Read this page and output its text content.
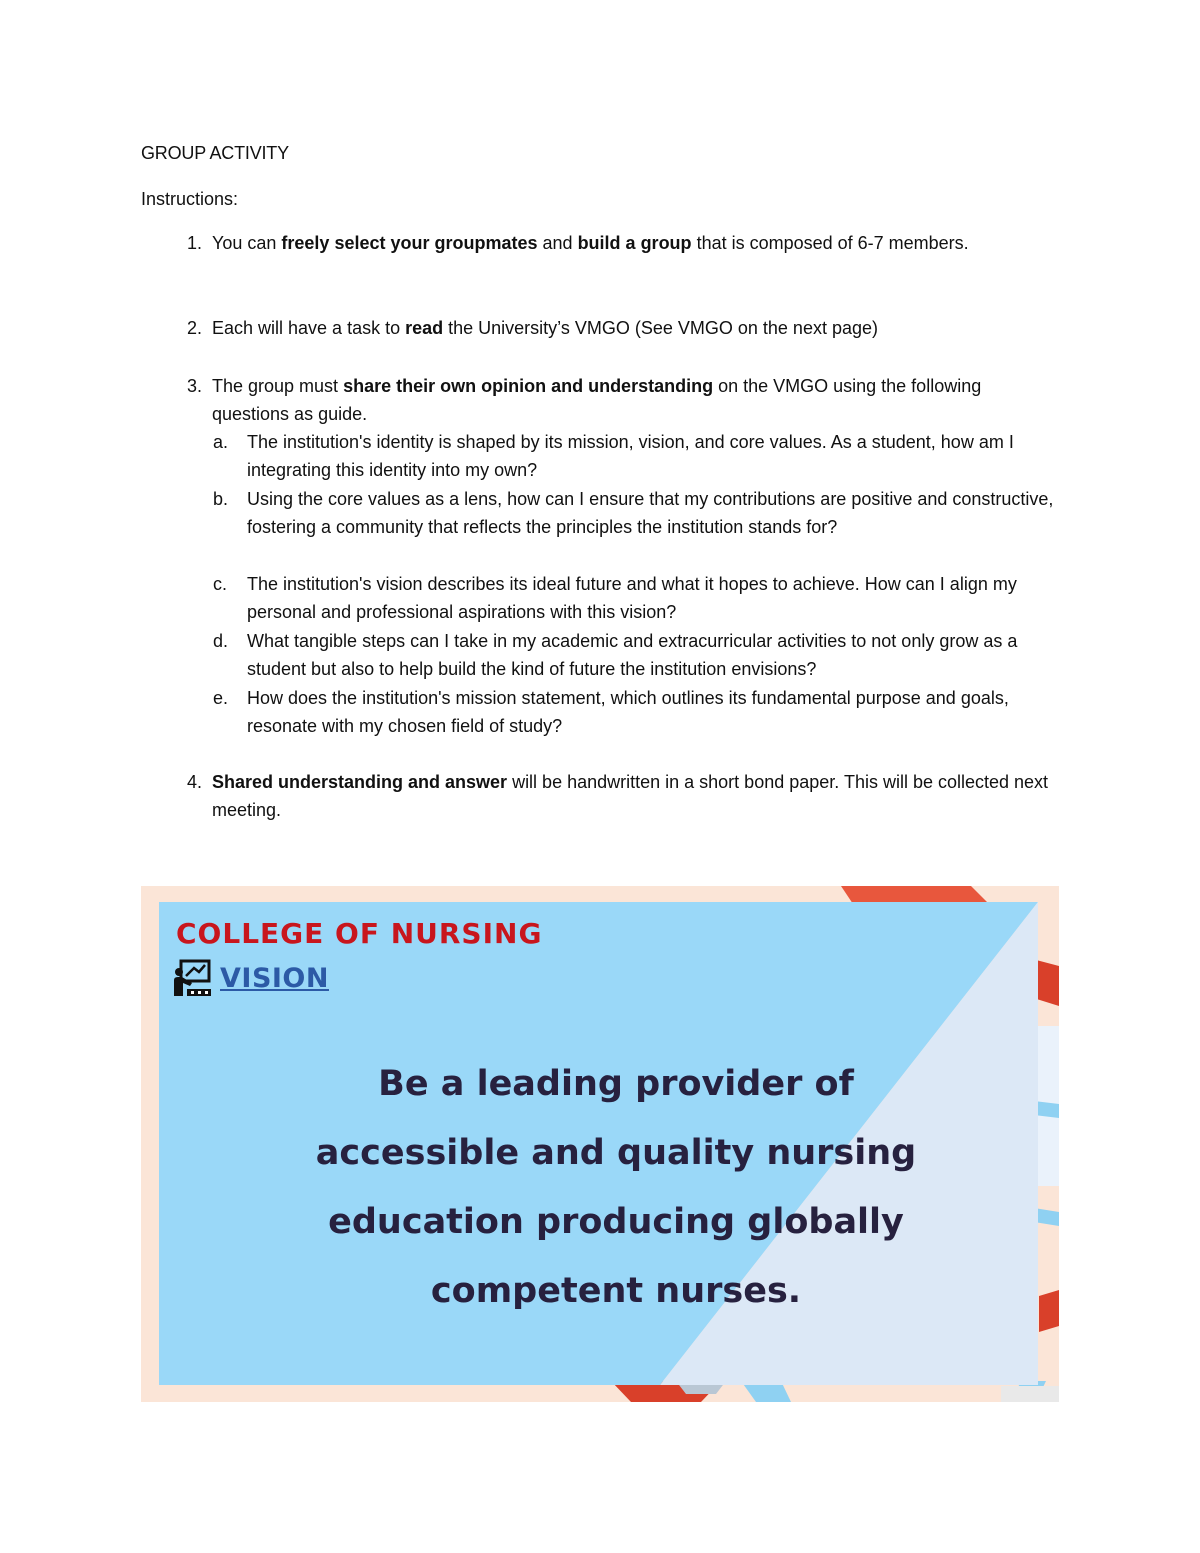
GROUP ACTIVITY
Instructions:
1. You can freely select your groupmates and build a group that is composed of 6-7 members.
2. Each will have a task to read the University’s VMGO (See VMGO on the next page)
3. The group must share their own opinion and understanding on the VMGO using the following questions as guide.
a. The institution's identity is shaped by its mission, vision, and core values. As a student, how am I integrating this identity into my own?
b. Using the core values as a lens, how can I ensure that my contributions are positive and constructive, fostering a community that reflects the principles the institution stands for?
c.	The institution's vision describes its ideal future and what it hopes to achieve. How can I align my personal and professional aspirations with this vision?
d. What tangible steps can I take in my academic and extracurricular activities to not only grow as a student but also to help build the kind of future the institution envisions?
e. How does the institution's mission statement, which outlines its fundamental purpose and goals, resonate with my chosen field of study?
4. Shared understanding and answer will be handwritten in a short bond paper. This will be collected next meeting.
COLLEGE OF NURSING
VISION
Be a leading provider of
accessible and quality nursing
education producing globally
competent nurses.
